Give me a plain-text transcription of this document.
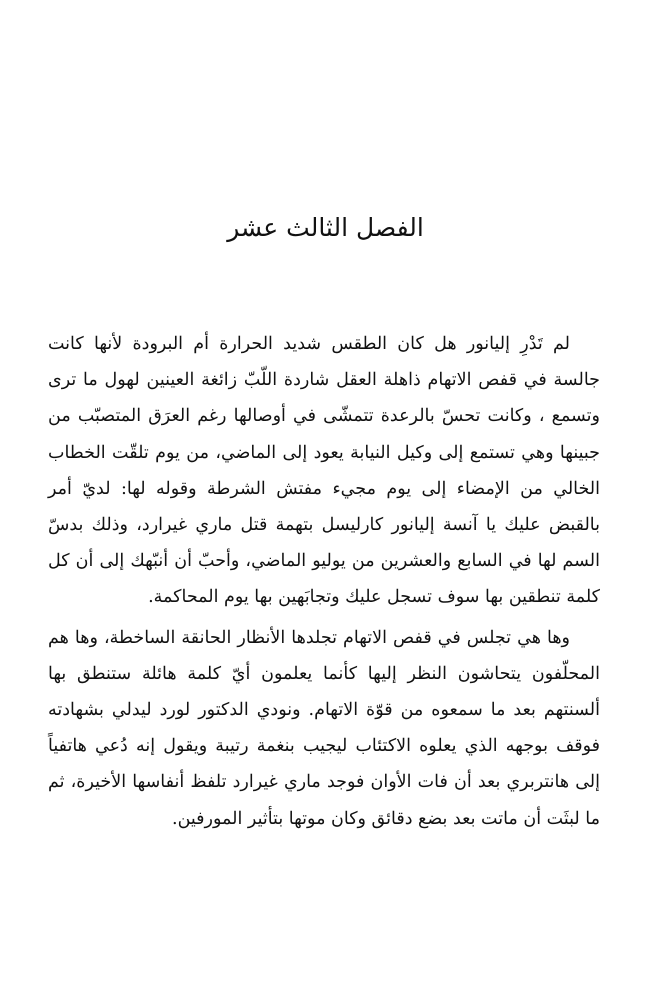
الفصل الثالث عشر

لم تَدْرِ إليانور هل كان الطقس شديد الحرارة أم البرودة لأنها كانت جالسة في قفص الاتهام ذاهلة العقل شاردة اللّبّ زائغة العينين لهول ما ترى وتسمع ، وكانت تحسّ بالرعدة تتمشّى في أوصالها رغم العرَق المتصبّب من جبينها وهي تستمع إلى وكيل النيابة يعود إلى الماضي، من يوم تلقّت الخطاب الخالي من الإمضاء إلى يوم مجيء مفتش الشرطة وقوله لها: لديّ أمر بالقبض عليك يا آنسة إليانور كارليسل بتهمة قتل ماري غيرارد، وذلك بدسّ السم لها في السابع والعشرين من يوليو الماضي، وأحبّ أن أنبّهك إلى أن كل كلمة تنطقين بها سوف تسجل عليك وتجابَهين بها يوم المحاكمة.

وها هي تجلس في قفص الاتهام تجلدها الأنظار الحانقة الساخطة، وها هم المحلّفون يتحاشون النظر إليها كأنما يعلمون أيّ كلمة هائلة ستنطق بها ألسنتهم بعد ما سمعوه من قوّة الاتهام. ونودي الدكتور لورد ليدلي بشهادته فوقف بوجهه الذي يعلوه الاكتئاب ليجيب بنغمة رتيبة ويقول إنه دُعي هاتفياً إلى هانتربري بعد أن فات الأوان فوجد ماري غيرارد تلفظ أنفاسها الأخيرة، ثم ما لبثَت أن ماتت بعد بضع دقائق وكان موتها بتأثير المورفين.
